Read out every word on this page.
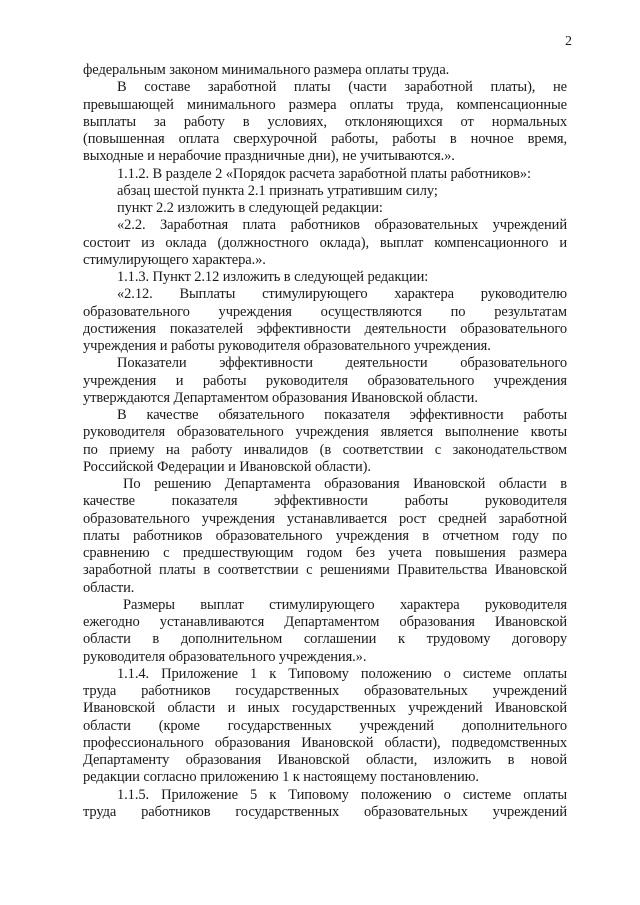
2

федеральным законом минимального размера оплаты труда.

В составе заработной платы (части заработной платы), не

превышающей минимального размера оплаты труда, компенсационные

выплаты за работу в условиях, отклоняющихся от нормальных

(повышенная оплата сверхурочной работы, работы в ночное время,

выходные и нерабочие праздничные дни), не учитываются.».

1.1.2. В разделе 2 «Порядок расчета заработной платы работников»:

абзац шестой пункта 2.1 признать утратившим силу;

пункт 2.2 изложить в следующей редакции:

«2.2. Заработная плата работников образовательных учреждений

состоит из оклада (должностного оклада), выплат компенсационного и

стимулирующего характера.».

1.1.3. Пункт 2.12 изложить в следующей редакции:

«2.12. Выплаты стимулирующего характера руководителю

образовательного учреждения осуществляются по результатам

достижения показателей эффективности деятельности образовательного

учреждения и работы руководителя образовательного учреждения.

Показатели эффективности деятельности образовательного

учреждения и работы руководителя образовательного учреждения

утверждаются Департаментом образования Ивановской области.

В качестве обязательного показателя эффективности работы

руководителя образовательного учреждения является выполнение квоты

по приему на работу инвалидов (в соответствии с законодательством

Российской Федерации и Ивановской области).

По решению Департамента образования Ивановской области в

качестве показателя эффективности работы руководителя

образовательного учреждения устанавливается рост средней заработной

платы работников образовательного учреждения в отчетном году по

сравнению с предшествующим годом без учета повышения размера

заработной платы в соответствии с решениями Правительства Ивановской

области.

Размеры выплат стимулирующего характера руководителя

ежегодно устанавливаются Департаментом образования Ивановской

области в дополнительном соглашении к трудовому договору

руководителя образовательного учреждения.».

1.1.4. Приложение 1 к Типовому положению о системе оплаты

труда работников государственных образовательных учреждений

Ивановской области и иных государственных учреждений Ивановской

области (кроме государственных учреждений дополнительного

профессионального образования Ивановской области), подведомственных

Департаменту образования Ивановской области, изложить в новой

редакции согласно приложению 1 к настоящему постановлению.

1.1.5. Приложение 5 к Типовому положению о системе оплаты

труда работников государственных образовательных учреждений
